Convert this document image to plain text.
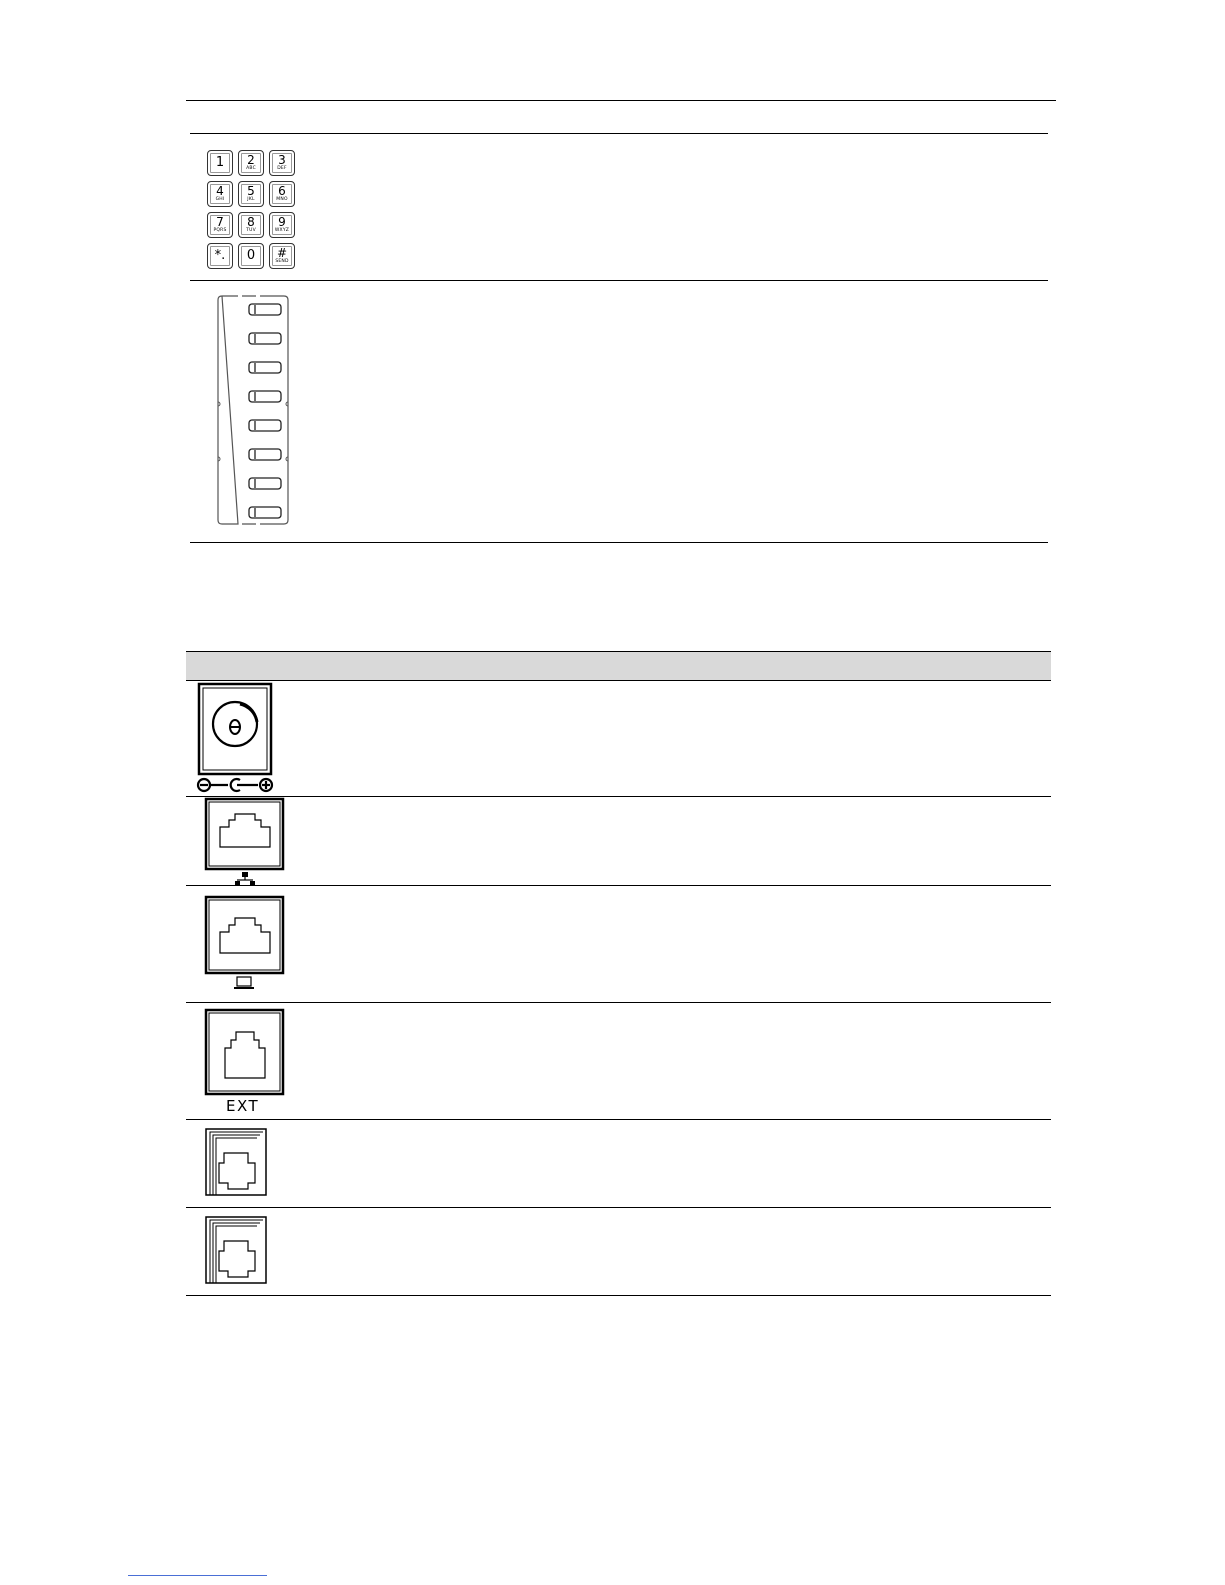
1	2
ABC
3
DEF
4
GHI
5
JKL
6
MNO
7
PQRS
8
TUV
9
WXYZ
*.	0	#
SEND
EXT
